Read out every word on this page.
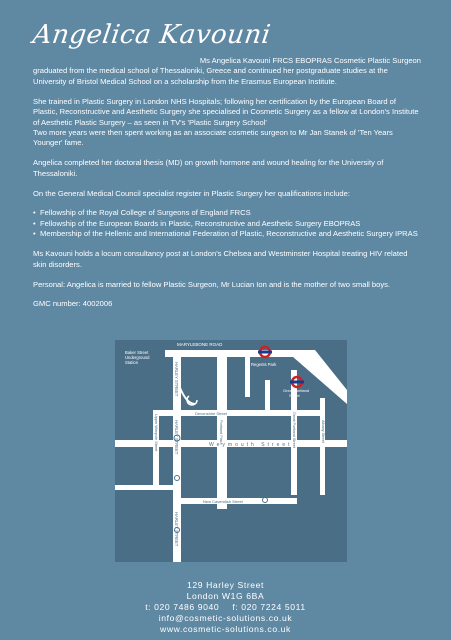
Angelica Kavouni

Ms Angelica Kavouni FRCS EBOPRAS Cosmetic Plastic Surgeon
graduated from the medical school of Thessaloniki, Greece and continued her postgraduate studies at the University of Bristol Medical School on a scholarship from the Erasmus European Institute.

She trained in Plastic Surgery in London NHS Hospitals; following her certification by the European Board of Plastic, Reconstructive and Aesthetic Surgery she specialised in Cosmetic Surgery as a fellow at London's Institute of Aesthetic Plastic Surgery – as seen in TV's 'Plastic Surgery School'

Two more years were then spent working as an associate cosmetic surgeon to Mr Jan Stanek of 'Ten Years Younger' fame.

Angelica completed her doctoral thesis (MD) on growth hormone and wound healing for the University of Thessaloniki.

On the General Medical Council specialist register in Plastic Surgery her qualifications include:

• Fellowship of the Royal College of Surgeons of England FRCS
• Fellowship of the European Boards in Plastic, Reconstructive and Aesthetic Surgery EBOPRAS
• Membership of the Hellenic and International Federation of Plastic, Reconstructive and Aesthetic Surgery IPRAS

Ms Kavouni holds a locum consultancy post at London's Chelsea and Westminster Hospital treating HIV related skin disorders.

Personal: Angelica is married to fellow Plastic Surgeon, Mr Lucian Ion and is the mother of two small boys.

GMC number: 4002006

MARYLEBONE ROAD
EUSTON ROAD
Baker Street
Underground
Station	Regents Park
Great Portland
Street
HARLEY STREET
HARLEY STREET
HARLEY STREET
Devonshire Street
Weymouth Street
New Cavendish Street
Upper Wimpole Street	Portland Place	Great Portland Street	Albany Street
129 Harley Street
London W1G 6BA
t: 020 7486 9040 f: 020 7224 5011
info@cosmetic-solutions.co.uk
www.cosmetic-solutions.co.uk
